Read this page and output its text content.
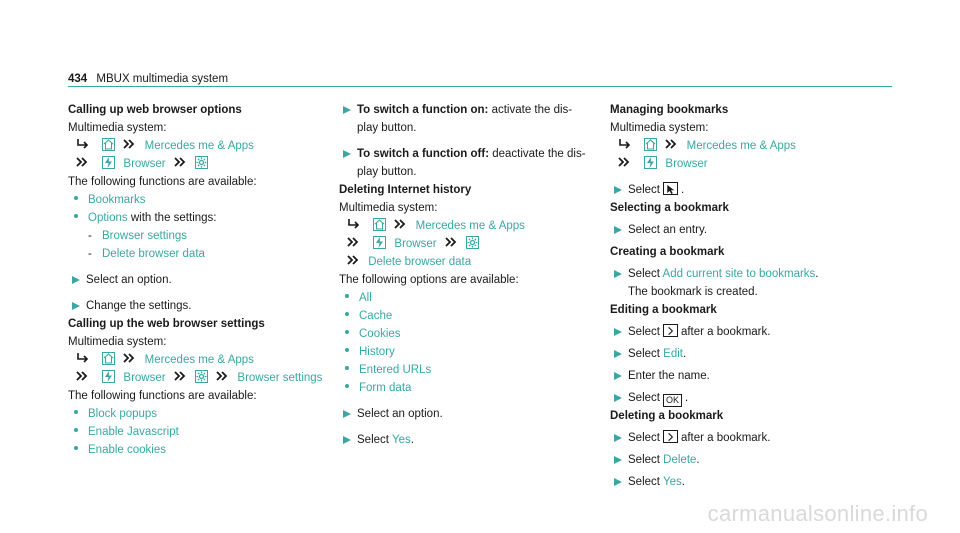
434 MBUX multimedia system
Calling up web browser options
Multimedia system:

Mercedes me & Apps

Browser
The following functions are available:
Bookmarks
Options with the settings:
- Browser settings
- Delete browser data
Select an option.
Change the settings.
Calling up the web browser settings
Multimedia system:

Mercedes me & Apps

Browser	Browser settings
The following functions are available:
Block popups
Enable Javascript
Enable cookies
To switch a function on: activate the dis-
play button.
To switch a function off: deactivate the dis-
play button.
Deleting Internet history
Multimedia system:

Mercedes me & Apps

Browser
Delete browser data
The following options are available:
All
Cache
Cookies
History
Entered URLs
Form data
Select an option.
Select Yes.
Managing bookmarks
Multimedia system:

Mercedes me & Apps

Browser
Select .
Selecting a bookmark
Select an entry.
Creating a bookmark
Select Add current site to bookmarks.
The bookmark is created.
Editing a bookmark
Select after a bookmark.
Select Edit.
Enter the name.
Select OK .
Deleting a bookmark
Select after a bookmark.
Select Delete.
Select Yes.
carmanualsonline.info
